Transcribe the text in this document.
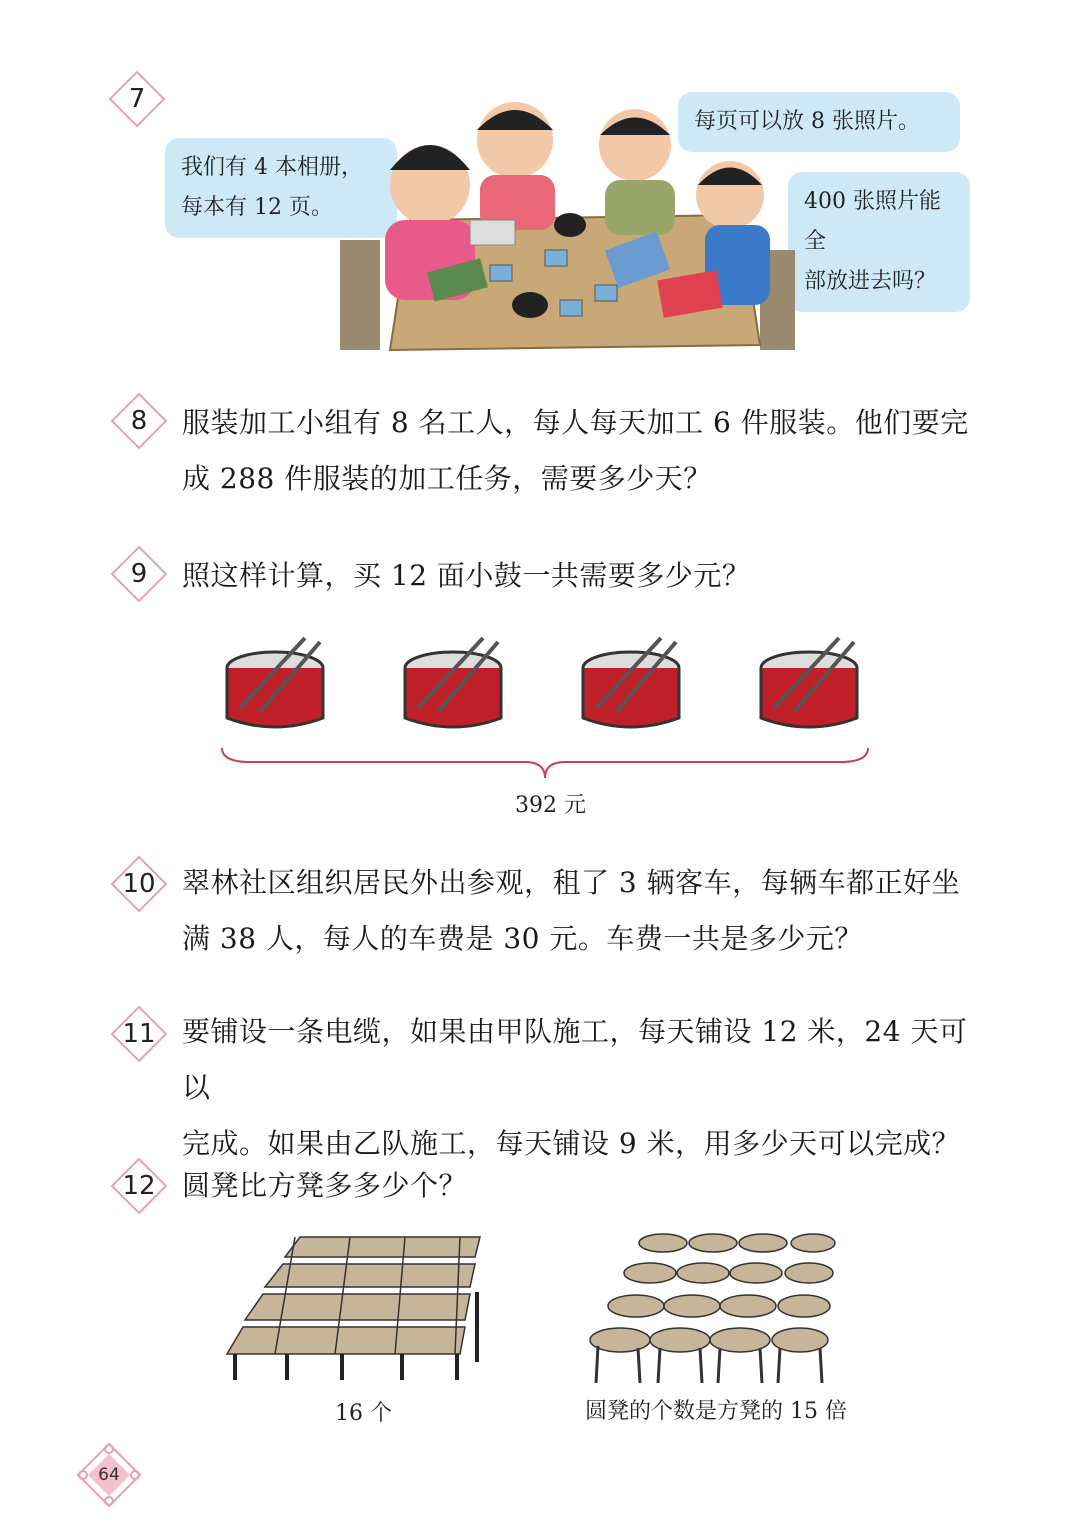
7
我们有 4 本相册，
每本有 12 页。
每页可以放 8 张照片。
400 张照片能全
部放进去吗？
8	服装加工小组有 8 名工人，每人每天加工 6 件服装。他们要完
成 288 件服装的加工任务，需要多少天？
9	照这样计算，买 12 面小鼓一共需要多少元？
392 元
10 翠林社区组织居民外出参观，租了 3 辆客车，每辆车都正好坐
满 38 人，每人的车费是 30 元。车费一共是多少元？
11 要铺设一条电缆，如果由甲队施工，每天铺设 12 米，24 天可以
完成。如果由乙队施工，每天铺设 9 米，用多少天可以完成？
12 圆凳比方凳多多少个？
16 个	圆凳的个数是方凳的 15 倍
64
